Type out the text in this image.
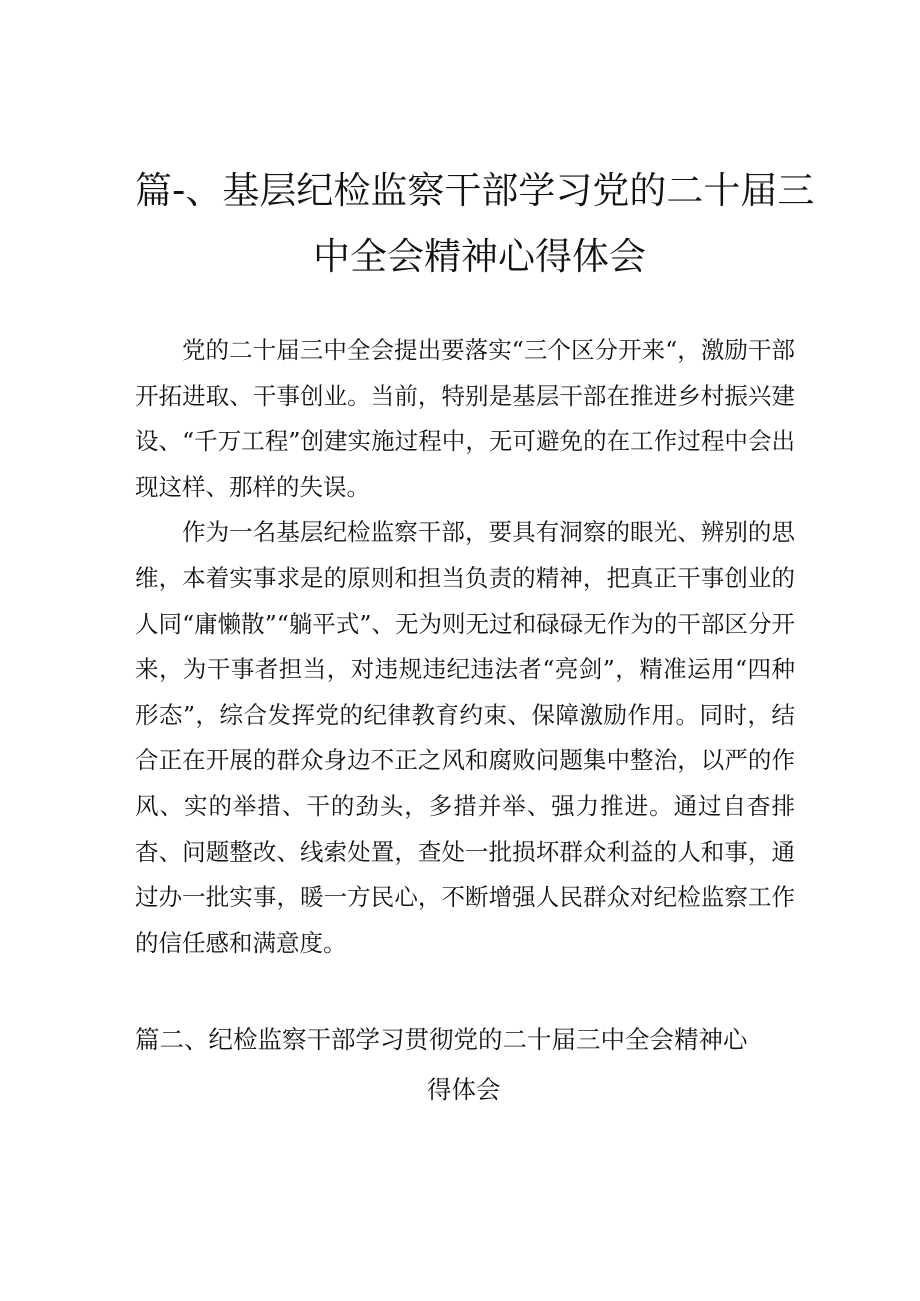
篇-、基层纪检监察干部学习党的二十届三
中全会精神心得体会

党的二十届三中全会提出要落实“三个区分开来“，激励干部开拓进取、干事创业。当前，特别是基层干部在推进乡村振兴建设、“千万工程”创建实施过程中，无可避免的在工作过程中会出现这样、那样的失误。

作为一名基层纪检监察干部，要具有洞察的眼光、辨别的思维，本着实事求是的原则和担当负责的精神，把真正干事创业的人同“庸懒散”“躺平式”、无为则无过和碌碌无作为的干部区分开来，为干事者担当，对违规违纪违法者“亮剑”，精准运用“四种形态”，综合发挥党的纪律教育约束、保障激励作用。同时，结合正在开展的群众身边不正之风和腐败问题集中整治，以严的作风、实的举措、干的劲头，多措并举、强力推进。通过自杳排杳、问题整改、线索处置，查处一批损坏群众利益的人和事，通过办一批实事，暖一方民心，不断增强人民群众对纪检监察工作的信任感和满意度。

篇二、纪检监察干部学习贯彻党的二十届三中全会精神心
得体会
